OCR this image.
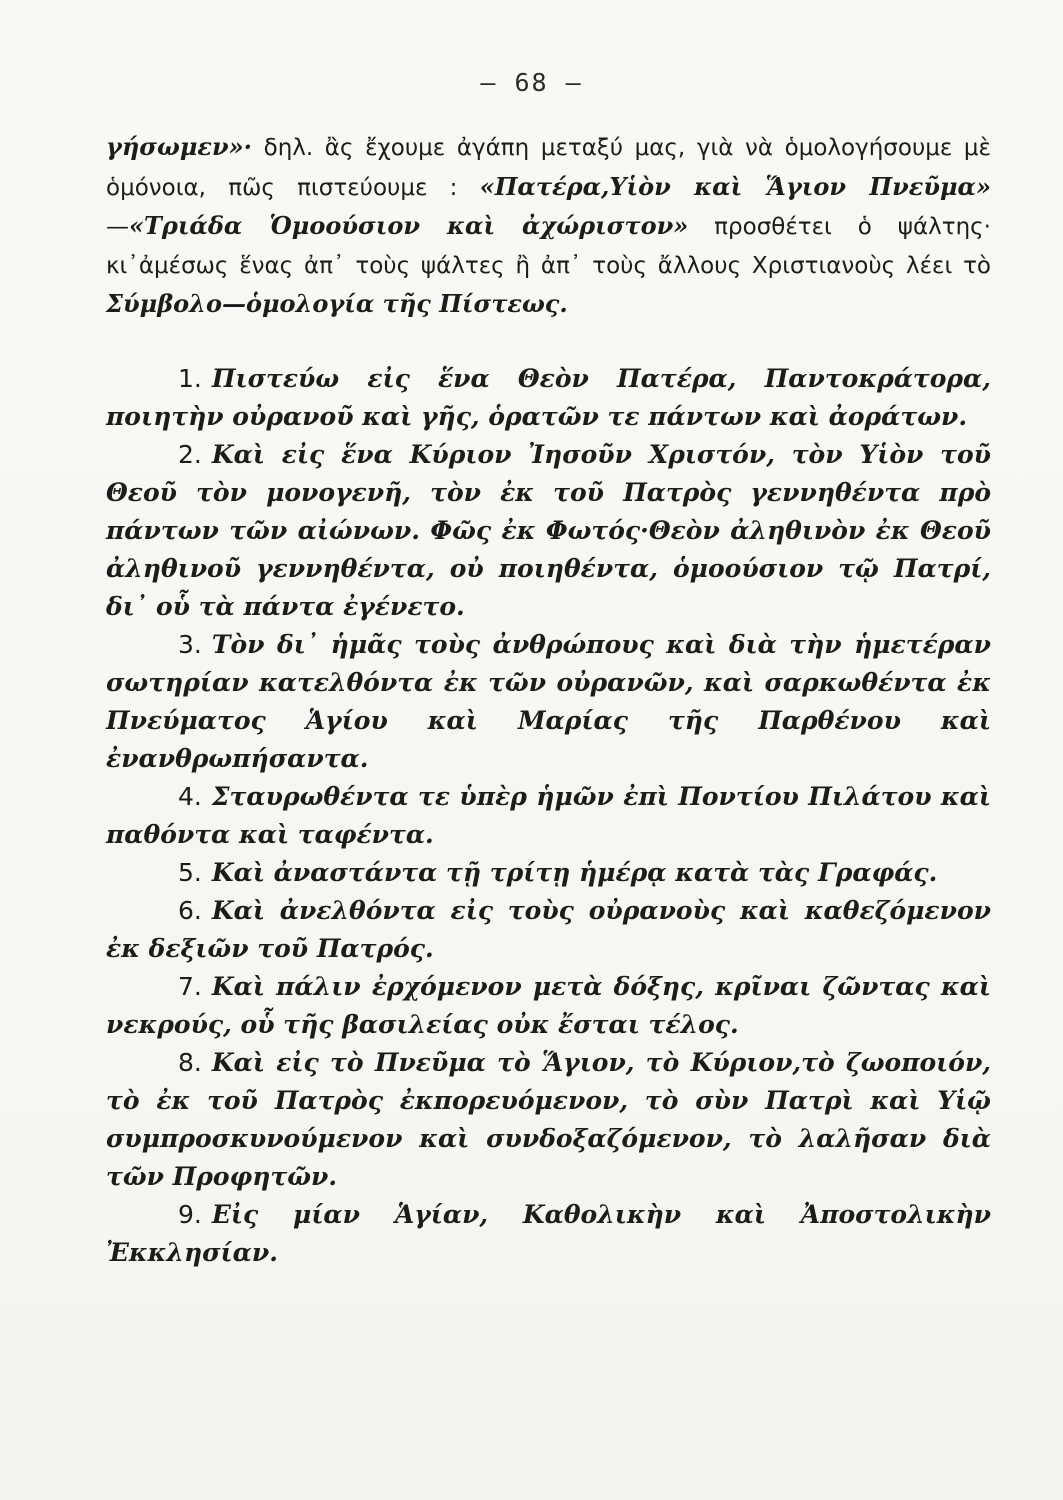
— 68 —

γήσωμεν»· δηλ. ἂς ἔχουμε ἀγάπη μεταξύ μας, γιὰ νὰ ὁμολογήσουμε μὲ ὁμόνοια, πῶς πιστεύουμε : «Πατέρα,Υἱὸν καὶ Ἅγιον Πνεῦμα» —«Τριάδα Ὁμοούσιον καὶ ἀχώριστον» προσθέτει ὁ ψάλτης· κι᾽ἀμέσως ἕνας ἀπ᾽ τοὺς ψάλτες ἢ ἀπ᾽ τοὺς ἄλλους Χριστιανοὺς λέει τὸ Σύμβολο—ὁμολογία τῆς Πίστεως.

1. Πιστεύω εἰς ἕνα Θεὸν Πατέρα, Παντοκράτορα, ποιητὴν οὐρανοῦ καὶ γῆς, ὁρατῶν τε πάντων καὶ ἀοράτων.

2. Καὶ εἰς ἕνα Κύριον Ἰησοῦν Χριστόν, τὸν Υἱὸν τοῦ Θεοῦ τὸν μονογενῆ, τὸν ἐκ τοῦ Πατρὸς γεννηθέντα πρὸ πάντων τῶν αἰώνων. Φῶς ἐκ Φωτός·Θεὸν ἀληθινὸν ἐκ Θεοῦ ἀληθινοῦ γεννηθέντα, οὐ ποιηθέντα, ὁμοούσιον τῷ Πατρί, δι᾽ οὗ τὰ πάντα ἐγένετο.

3. Τὸν δι᾽ ἡμᾶς τοὺς ἀνθρώπους καὶ διὰ τὴν ἡμετέραν σωτηρίαν κατελθόντα ἐκ τῶν οὐρανῶν, καὶ σαρκωθέντα ἐκ Πνεύματος Ἁγίου καὶ Μαρίας τῆς Παρθένου καὶ ἐνανθρωπήσαντα.

4. Σταυρωθέντα τε ὑπὲρ ἡμῶν ἐπὶ Ποντίου Πιλάτου καὶ παθόντα καὶ ταφέντα.

5. Καὶ ἀναστάντα τῇ τρίτῃ ἡμέρᾳ κατὰ τὰς Γραφάς.

6. Καὶ ἀνελθόντα εἰς τοὺς οὐρανοὺς καὶ καθεζόμενον ἐκ δεξιῶν τοῦ Πατρός.

7. Καὶ πάλιν ἐρχόμενον μετὰ δόξης, κρῖναι ζῶντας καὶ νεκρούς, οὗ τῆς βασιλείας οὐκ ἔσται τέλος.

8. Καὶ εἰς τὸ Πνεῦμα τὸ Ἅγιον, τὸ Κύριον,τὸ ζωοποιόν, τὸ ἐκ τοῦ Πατρὸς ἐκπορευόμενον, τὸ σὺν Πατρὶ καὶ Υἱῷ συμπροσκυνούμενον καὶ συνδοξαζόμενον, τὸ λαλῆσαν διὰ τῶν Προφητῶν.

9. Εἰς μίαν Ἁγίαν, Καθολικὴν καὶ Ἀποστολικὴν Ἐκκλησίαν.
